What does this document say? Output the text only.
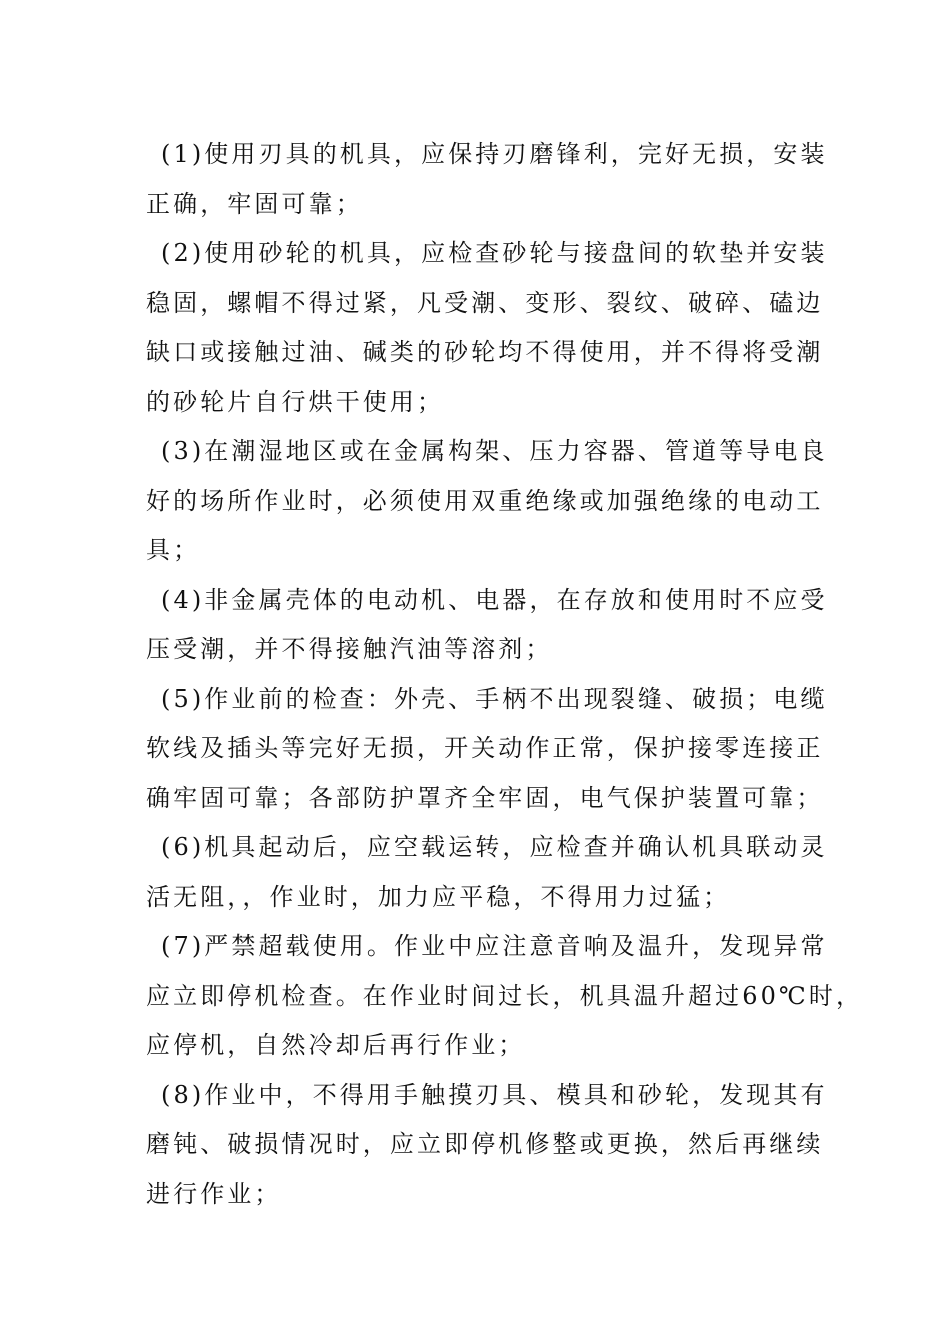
(1)使用刃具的机具，应保持刃磨锋利，完好无损，安装
正确，牢固可靠；
(2)使用砂轮的机具，应检查砂轮与接盘间的软垫并安装
稳固，螺帽不得过紧，凡受潮、变形、裂纹、破碎、磕边
缺口或接触过油、碱类的砂轮均不得使用，并不得将受潮
的砂轮片自行烘干使用；
(3)在潮湿地区或在金属构架、压力容器、管道等导电良
好的场所作业时，必须使用双重绝缘或加强绝缘的电动工
具；
(4)非金属壳体的电动机、电器，在存放和使用时不应受
压受潮，并不得接触汽油等溶剂；
(5)作业前的检查：外壳、手柄不出现裂缝、破损；电缆
软线及插头等完好无损，开关动作正常，保护接零连接正
确牢固可靠；各部防护罩齐全牢固，电气保护装置可靠；
(6)机具起动后，应空载运转，应检查并确认机具联动灵
活无阻，，作业时，加力应平稳，不得用力过猛；
(7)严禁超载使用。作业中应注意音响及温升，发现异常
应立即停机检查。在作业时间过长，机具温升超过60℃时，
应停机，自然冷却后再行作业；
(8)作业中，不得用手触摸刃具、模具和砂轮，发现其有
磨钝、破损情况时，应立即停机修整或更换，然后再继续
进行作业；
